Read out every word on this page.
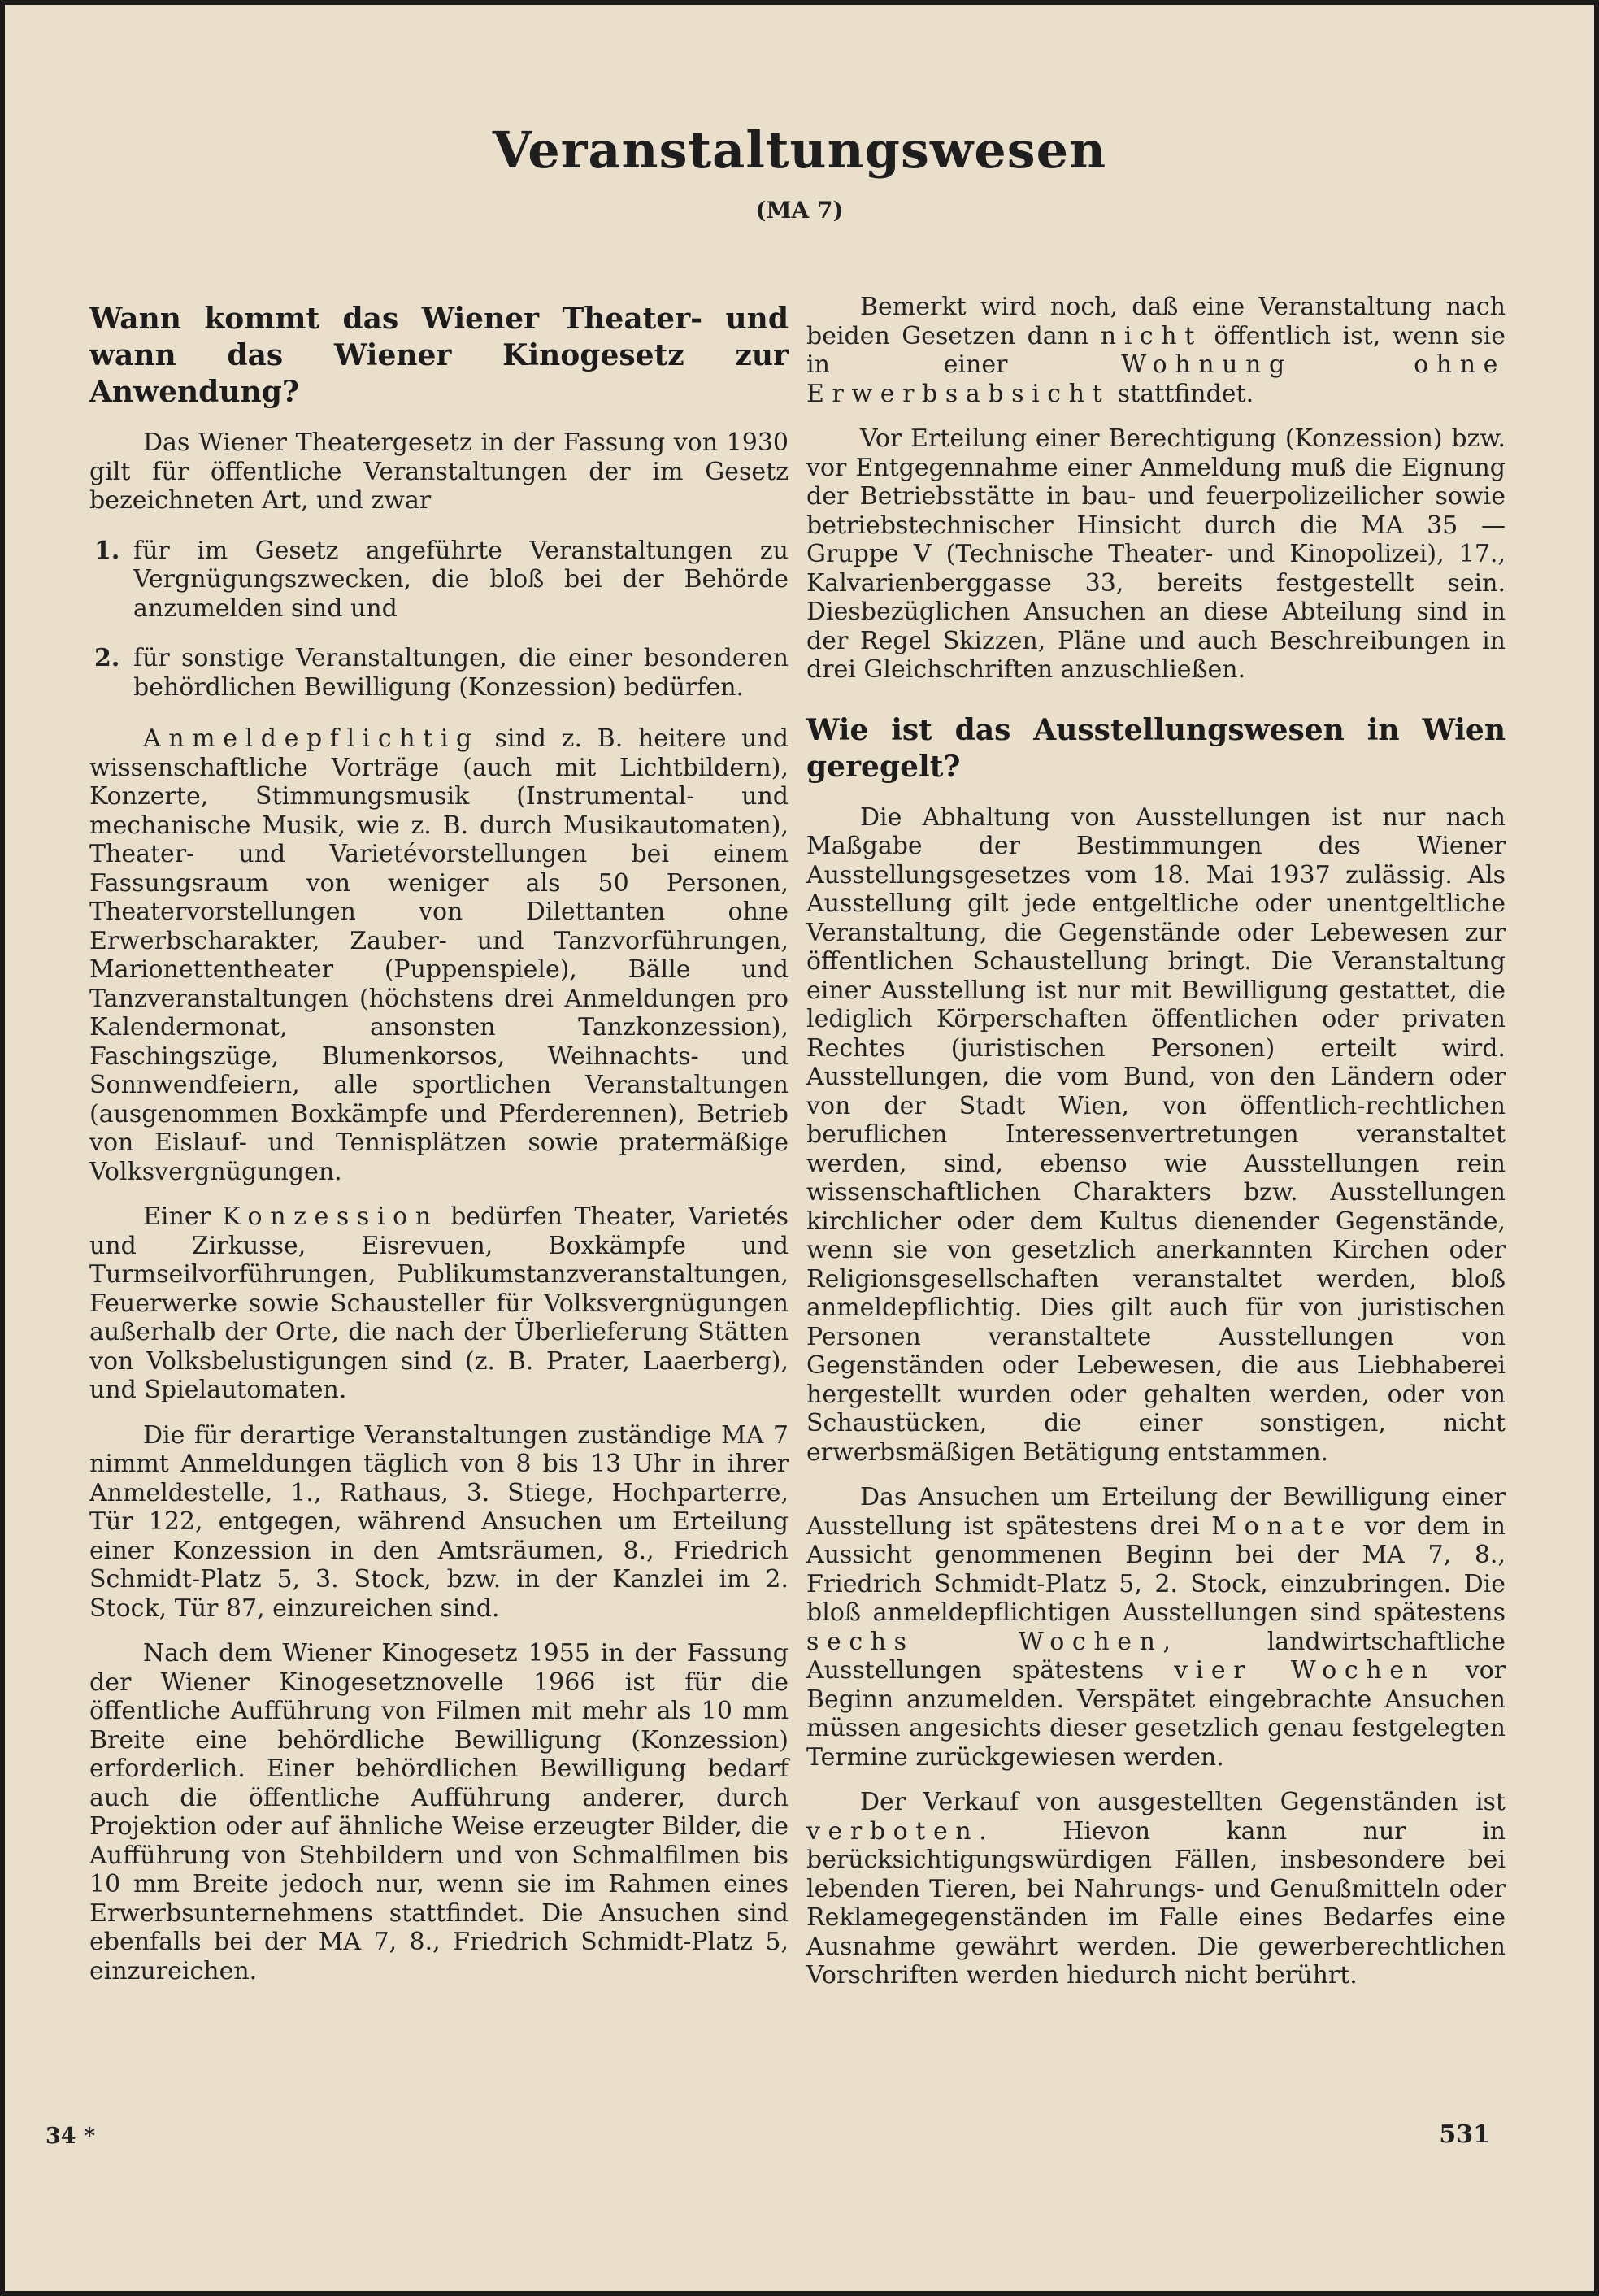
Veranstaltungswesen
(MA 7)
Wann kommt das Wiener Theater- und wann das Wiener Kinogesetz zur Anwendung?

Das Wiener Theatergesetz in der Fassung von 1930 gilt für öffentliche Veranstaltungen der im Gesetz bezeichneten Art, und zwar

1. für im Gesetz angeführte Veranstaltungen zu Vergnügungszwecken, die bloß bei der Behörde anzumelden sind und
2. für sonstige Veranstaltungen, die einer besonderen behördlichen Bewilligung (Konzession) bedürfen.

Anmeldepflichtig sind z. B. heitere und wissenschaftliche Vorträge (auch mit Lichtbildern), Konzerte, Stimmungsmusik (Instrumental- und mechanische Musik, wie z. B. durch Musikautomaten), Theater- und Varietévorstellungen bei einem Fassungsraum von weniger als 50 Personen, Theatervorstellungen von Dilettanten ohne Erwerbscharakter, Zauber- und Tanzvorführungen, Marionettentheater (Puppenspiele), Bälle und Tanzveranstaltungen (höchstens drei Anmeldungen pro Kalendermonat, ansonsten Tanzkonzession), Faschingszüge, Blumenkorsos, Weihnachts- und Sonnwendfeiern, alle sportlichen Veranstaltungen (ausgenommen Boxkämpfe und Pferderennen), Betrieb von Eislauf- und Tennisplätzen sowie pratermäßige Volksvergnügungen.

Einer Konzession bedürfen Theater, Varietés und Zirkusse, Eisrevuen, Boxkämpfe und Turmseilvorführungen, Publikumstanzveranstaltungen, Feuerwerke sowie Schausteller für Volksvergnügungen außerhalb der Orte, die nach der Überlieferung Stätten von Volksbelustigungen sind (z. B. Prater, Laaerberg), und Spielautomaten.

Die für derartige Veranstaltungen zuständige MA 7 nimmt Anmeldungen täglich von 8 bis 13 Uhr in ihrer Anmeldestelle, 1., Rathaus, 3. Stiege, Hochparterre, Tür 122, entgegen, während Ansuchen um Erteilung einer Konzession in den Amtsräumen, 8., Friedrich Schmidt-Platz 5, 3. Stock, bzw. in der Kanzlei im 2. Stock, Tür 87, einzureichen sind.

Nach dem Wiener Kinogesetz 1955 in der Fassung der Wiener Kinogesetznovelle 1966 ist für die öffentliche Aufführung von Filmen mit mehr als 10 mm Breite eine behördliche Bewilligung (Konzession) erforderlich. Einer behördlichen Bewilligung bedarf auch die öffentliche Aufführung anderer, durch Projektion oder auf ähnliche Weise erzeugter Bilder, die Aufführung von Stehbildern und von Schmalfilmen bis 10 mm Breite jedoch nur, wenn sie im Rahmen eines Erwerbsunternehmens stattfindet. Die Ansuchen sind ebenfalls bei der MA 7, 8., Friedrich Schmidt-Platz 5, einzureichen.

Bemerkt wird noch, daß eine Veranstaltung nach beiden Gesetzen dann nicht öffentlich ist, wenn sie in einer Wohnung ohne Erwerbsabsicht stattfindet.

Vor Erteilung einer Berechtigung (Konzession) bzw. vor Entgegennahme einer Anmeldung muß die Eignung der Betriebsstätte in bau- und feuerpolizeilicher sowie betriebstechnischer Hinsicht durch die MA 35 — Gruppe V (Technische Theater- und Kinopolizei), 17., Kalvarienberggasse 33, bereits festgestellt sein. Diesbezüglichen Ansuchen an diese Abteilung sind in der Regel Skizzen, Pläne und auch Beschreibungen in drei Gleichschriften anzuschließen.

Wie ist das Ausstellungswesen in Wien geregelt?

Die Abhaltung von Ausstellungen ist nur nach Maßgabe der Bestimmungen des Wiener Ausstellungsgesetzes vom 18. Mai 1937 zulässig. Als Ausstellung gilt jede entgeltliche oder unentgeltliche Veranstaltung, die Gegenstände oder Lebewesen zur öffentlichen Schaustellung bringt. Die Veranstaltung einer Ausstellung ist nur mit Bewilligung gestattet, die lediglich Körperschaften öffentlichen oder privaten Rechtes (juristischen Personen) erteilt wird. Ausstellungen, die vom Bund, von den Ländern oder von der Stadt Wien, von öffentlich-rechtlichen beruflichen Interessenvertretungen veranstaltet werden, sind, ebenso wie Ausstellungen rein wissenschaftlichen Charakters bzw. Ausstellungen kirchlicher oder dem Kultus dienender Gegenstände, wenn sie von gesetzlich anerkannten Kirchen oder Religionsgesellschaften veranstaltet werden, bloß anmeldepflichtig. Dies gilt auch für von juristischen Personen veranstaltete Ausstellungen von Gegenständen oder Lebewesen, die aus Liebhaberei hergestellt wurden oder gehalten werden, oder von Schaustücken, die einer sonstigen, nicht erwerbsmäßigen Betätigung entstammen.

Das Ansuchen um Erteilung der Bewilligung einer Ausstellung ist spätestens drei Monate vor dem in Aussicht genommenen Beginn bei der MA 7, 8., Friedrich Schmidt-Platz 5, 2. Stock, einzubringen. Die bloß anmeldepflichtigen Ausstellungen sind spätestens sechs Wochen, landwirtschaftliche Ausstellungen spätestens vier Wochen vor Beginn anzumelden. Verspätet eingebrachte Ansuchen müssen angesichts dieser gesetzlich genau festgelegten Termine zurückgewiesen werden.

Der Verkauf von ausgestellten Gegenständen ist verboten. Hievon kann nur in berücksichtigungswürdigen Fällen, insbesondere bei lebenden Tieren, bei Nahrungs- und Genußmitteln oder Reklamegegenständen im Falle eines Bedarfes eine Ausnahme gewährt werden. Die gewerberechtlichen Vorschriften werden hiedurch nicht berührt.

34 *	531
